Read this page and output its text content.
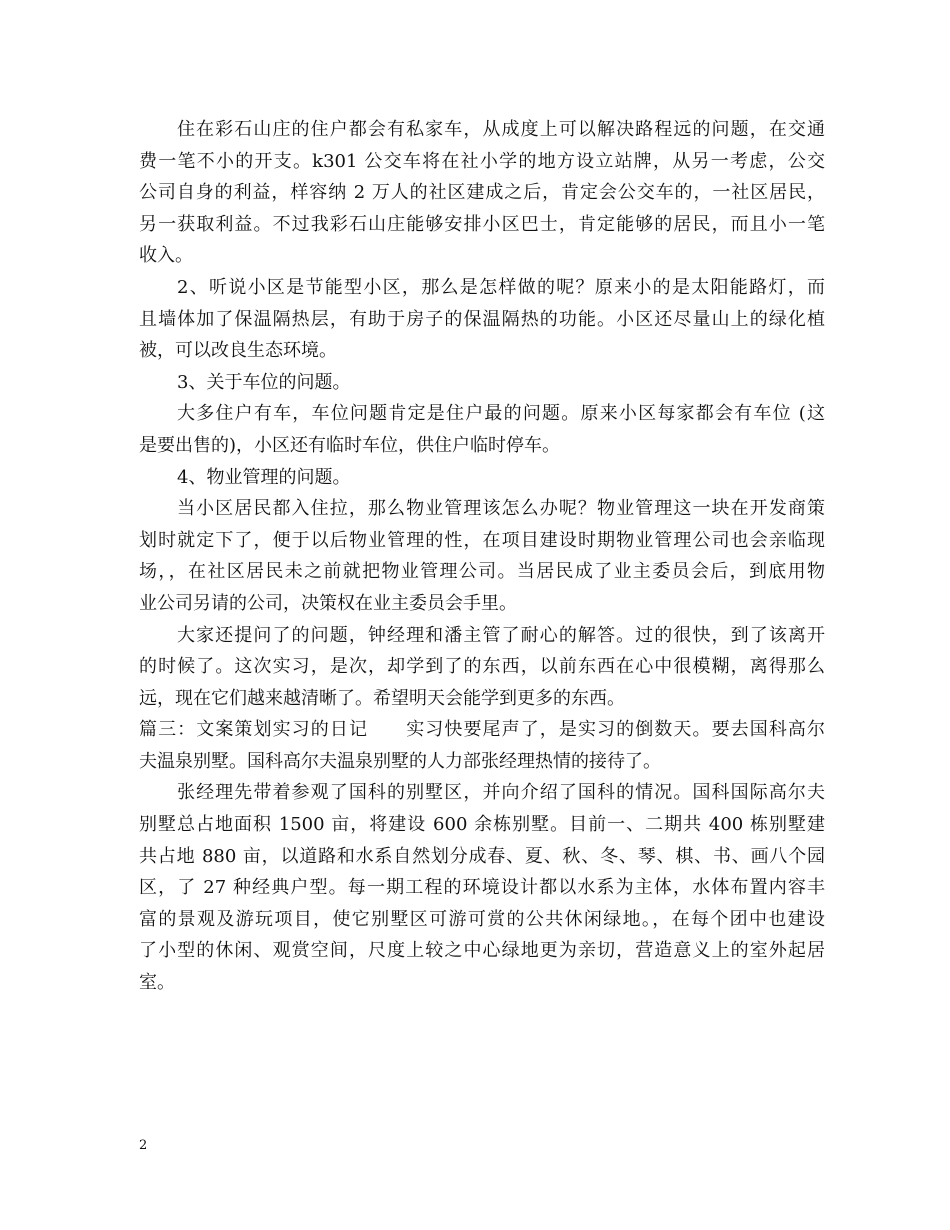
住在彩石山庄的住户都会有私家车，从成度上可以解决路程远的问题，在交通
费一笔不小的开支。k301 公交车将在社小学的地方设立站牌，从另一考虑，公交
公司自身的利益，样容纳 2 万人的社区建成之后，肯定会公交车的，一社区居民，
另一获取利益。不过我彩石山庄能够安排小区巴士，肯定能够的居民，而且小一笔
收入。
2、听说小区是节能型小区，那么是怎样做的呢？原来小的是太阳能路灯，而
且墙体加了保温隔热层，有助于房子的保温隔热的功能。小区还尽量山上的绿化植
被，可以改良生态环境。
3、关于车位的问题。
大多住户有车，车位问题肯定是住户最的问题。原来小区每家都会有车位 (这
是要出售的)，小区还有临时车位，供住户临时停车。
4、物业管理的问题。
当小区居民都入住拉，那么物业管理该怎么办呢？物业管理这一块在开发商策
划时就定下了，便于以后物业管理的性，在项目建设时期物业管理公司也会亲临现
场，，在社区居民未之前就把物业管理公司。当居民成了业主委员会后，到底用物
业公司另请的公司，决策权在业主委员会手里。
大家还提问了的问题，钟经理和潘主管了耐心的解答。过的很快，到了该离开
的时候了。这次实习，是次，却学到了的东西，以前东西在心中很模糊，离得那么
远，现在它们越来越清晰了。希望明天会能学到更多的东西。
篇三：文案策划实习的日记　　实习快要尾声了，是实习的倒数天。要去国科高尔
夫温泉别墅。国科高尔夫温泉别墅的人力部张经理热情的接待了。
张经理先带着参观了国科的别墅区，并向介绍了国科的情况。国科国际高尔夫
别墅总占地面积 1500 亩，将建设 600 余栋别墅。目前一、二期共 400 栋别墅建
共占地 880 亩，以道路和水系自然划分成春、夏、秋、冬、琴、棋、书、画八个园
区，了 27 种经典户型。每一期工程的环境设计都以水系为主体，水体布置内容丰
富的景观及游玩项目，使它别墅区可游可赏的公共休闲绿地。，在每个团中也建设
了小型的休闲、观赏空间，尺度上较之中心绿地更为亲切，营造意义上的室外起居
室。
2
